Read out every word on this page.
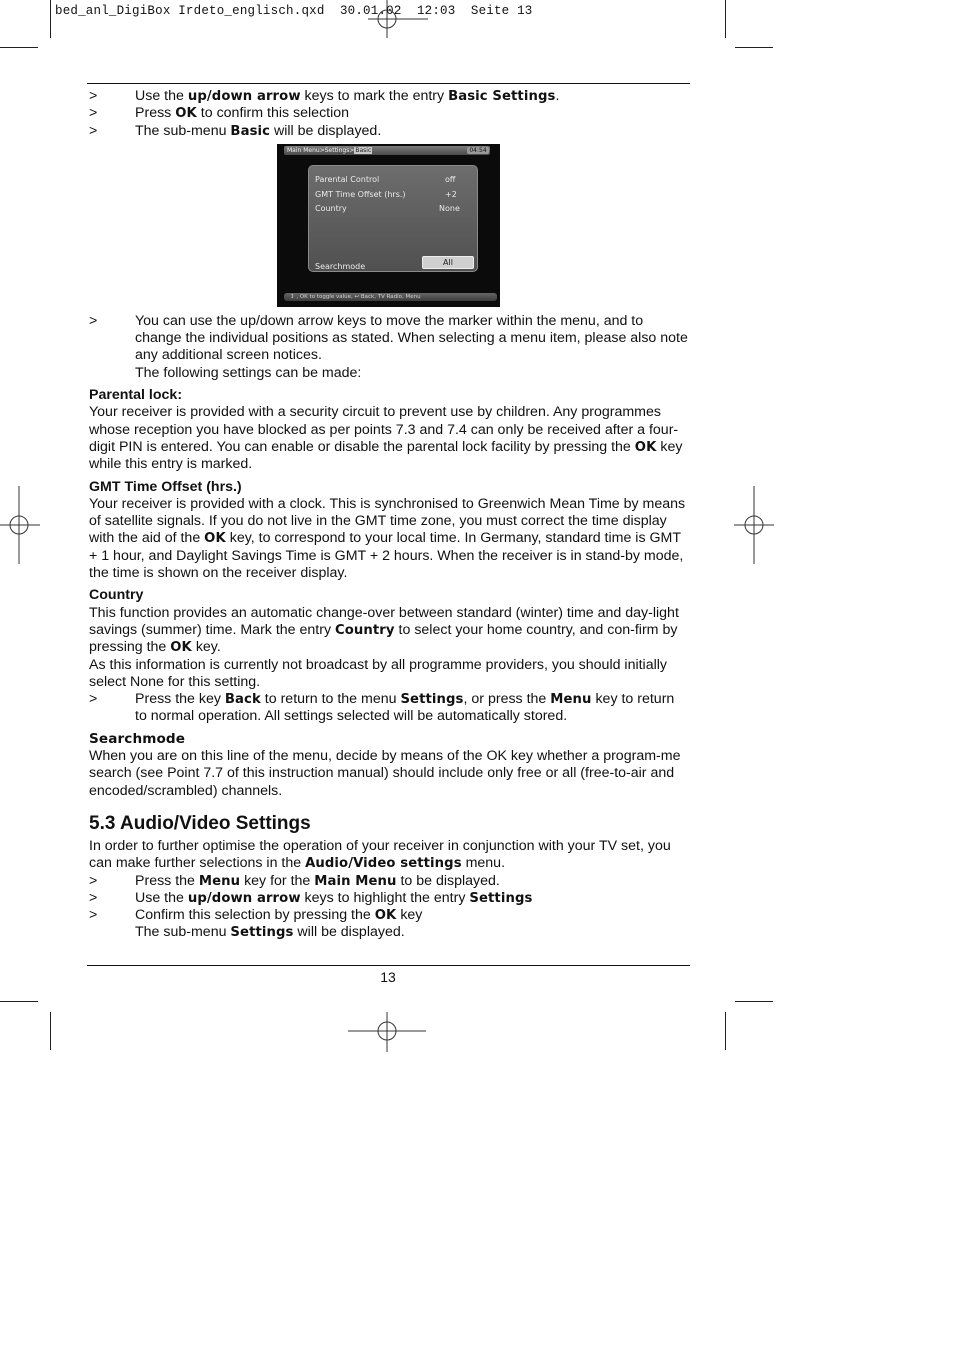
bed_anl_DigiBox Irdeto_englisch.qxd  30.01.02  12:03  Seite 13
>	Use the up/down arrow keys to mark the entry Basic Settings.
>	Press OK to confirm this selection
>	The sub-menu Basic will be displayed.
Main Menu>Settings>Basic	04:54
Parental Control	off
GMT Time Offset (hrs.)	+2
Country	None
Searchmode	All
↕ , OK to toggle value, ↩ Back, TV Radio, Menu
>	You can use the up/down arrow keys to move the marker within the menu, and to change the individual positions as stated. When selecting a menu item, please also note any additional screen notices.

The following settings can be made:

Parental lock:

Your receiver is provided with a security circuit to prevent use by children. Any programmes whose reception you have blocked as per points 7.3 and 7.4 can only be received after a four-digit PIN is entered. You can enable or disable the parental lock facility by pressing the OK key while this entry is marked.

GMT Time Offset (hrs.)

Your receiver is provided with a clock. This is synchronised to Greenwich Mean Time by means of satellite signals. If you do not live in the GMT time zone, you must correct the time display with the aid of the OK key, to correspond to your local time. In Germany, standard time is GMT + 1 hour, and Daylight Savings Time is GMT + 2 hours. When the receiver is in stand-by mode, the time is shown on the receiver display.

Country

This function provides an automatic change-over between standard (winter) time and day-light savings (summer) time. Mark the entry Country to select your home country, and con-firm by pressing the OK key.

As this information is currently not broadcast by all programme providers, you should initially select None for this setting.

>	Press the key Back to return to the menu Settings, or press the Menu key to return to normal operation. All settings selected will be automatically stored.
Searchmode

When you are on this line of the menu, decide by means of the OK key whether a program-me search (see Point 7.7 of this instruction manual) should include only free or all (free-to-air and encoded/scrambled) channels.

5.3 Audio/Video Settings

In order to further optimise the operation of your receiver in conjunction with your TV set, you can make further selections in the Audio/Video settings menu.

>	Press the Menu key for the Main Menu to be displayed.
>	Use the up/down arrow keys to highlight the entry Settings
>	Confirm this selection by pressing the OK key
The sub-menu Settings will be displayed.
13
